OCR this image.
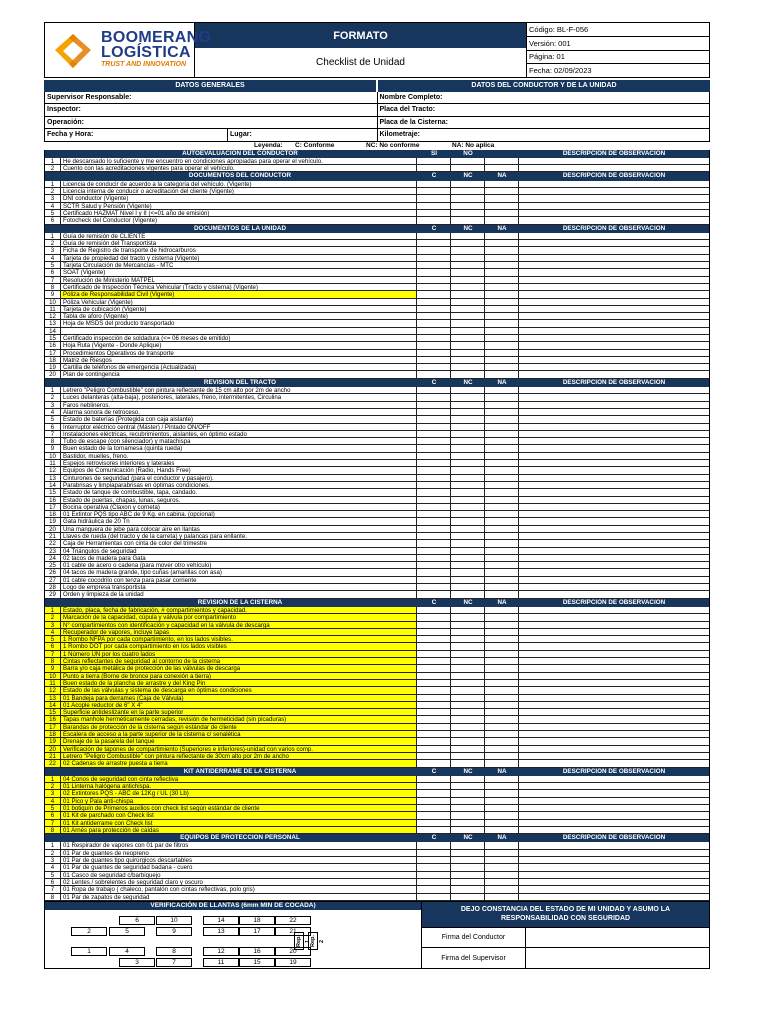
BOOMERANG
LOGÍSTICA
TRUST AND INNOVATION
FORMATO
Checklist de Unidad
Código: BL-F-056
Versión: 001
Página: 01
Fecha: 02/09/2023
DATOS GENERALES	DATOS DEL CONDUCTOR Y DE LA UNIDAD
Supervisor Responsable:
Inspector:
Operación:
Fecha y Hora:	Lugar:
Nombre Completo:
Placa del Tracto:
Placa de la Cisterna:
Kilometraje:
Leyenda: C: Conforme	NC: No conforme	NA: No aplica
AUTOEVALUACIÓN DEL CONDUCTOR	SI	NO	DESCRIPCIÓN DE OBSERVACIÓN
1	He descansado lo suficiente y me encuentro en condiciones apropiadas para operar el vehículo.
2	Cuento con las acreditaciones vigentes para operar el vehículo.
DOCUMENTOS DEL CONDUCTOR	C	NC	NA	DESCRIPCIÓN DE OBSERVACIÓN
1	Licencia de conducir de acuerdo a la categoría del vehículo. (Vigente)
2	Licencia interna de conducir o acreditación del cliente (Vigente)
3	DNI conductor (Vigente)
4	SCTR Salud y Pensión (Vigente)
5	Certificado HAZMAT Nivel I y II (<=01 año de emisión)
6	Fotocheck del Conductor (Vigente)
DOCUMENTOS DE LA UNIDAD	C	NC	NA	DESCRIPCIÓN DE OBSERVACIÓN
1	Guía de remisión de CLIENTE
2	Guía de remisión del Transportista
3	Ficha de Registro de transporte de hidrocarburos
4	Tarjeta de propiedad del tracto y cisterna (Vigente)
5	Tarjeta Circulación de Mercancías - MTC
6	SOAT (Vigente)
7	Resolución de Ministerio MATPEL
8	Certificado de Inspección Técnica Vehicular (Tracto y cisterna) (Vigente)
9	Póliza de Responsabilidad Civil (Vigente)
10	Póliza Vehicular (Vigente)
11	Tarjeta de cubicación (Vigente)
12	Tabla de aforo (Vigente)
13	Hoja de MSDS del producto transportado
14
15	Certificado inspección de soldadura (<= 06 meses de emitido)
16	Hoja Ruta (Vigente - Donde Aplique)
17	Procedimientos Operativos de transporte
18	Matriz de Riesgos
19	Cartilla de teléfonos de emergencia (Actualizada)
20	Plan de contingencia
REVISIÓN DEL TRACTO	C	NC	NA	DESCRIPCIÓN DE OBSERVACIÓN
1	Letrero "Peligro Combustible" con pintura reflectante de 15 cm alto por 2m de ancho
2	Luces delanteras (alta-baja), posteriores, laterales, freno, intermitentes, Circulina
3	Faros neblineros.
4	Alarma sonora de retroceso.
5	Estado de baterías (Protegida con caja aislante)
6	Interruptor eléctrico central (Máster) / Pintado ON/OFF
7	Instalaciones eléctricas, recubrimientos, aislantes, en óptimo estado
8	Tubo de escape (con silenciador) y matachispa
9	Buen estado de la tornamesa (quinta rueda)
10	Bastidor, muelles, freno.
11	Espejos retrovisores interiores y laterales
12	Equipos de Comunicación (Radio, Hands Free)
13	Cinturones de seguridad (para el conductor y pasajero).
14	Parabrisas y limpiaparabrisas en óptimas condiciones.
15	Estado de tanque de combustible, tapa, candado.
16	Estado de puertas, chapas, lunas, seguros.
17	Bocina operativa (Claxon y corneta)
18	01 Extintor PQS tipo ABC de 9 Kg. en cabina. (opcional)
19	Gata hidráulica de 20 Tn
20	Una manguera de jebe para colocar aire en llantas
21	Llaves de rueda (del tracto y de la carreta) y palancas para enllante.
22	Caja de Herramientas con cinta de color del trimestre
23	04 Triángulos de seguridad
24	02 tacos de madera para Gata
25	01 cable de acero o cadena (para mover otro vehículo)
26	04 tacos de madera grande, tipo cuñas (amarillas con asa)
27	01 cable cocodrilo con tenza para pasar corriente
28	Logo de empresa transportista
29	Orden y limpieza de la unidad
REVISIÓN DE LA CISTERNA	C	NC	NA	DESCRIPCIÓN DE OBSERVACIÓN
1	Estado, placa, fecha de fabricación, # compartimientos y capacidad.
2	Marcación de la capacidad, cúpula y válvula por compartimiento
3	N° compartimientos con identificación y capacidad en la válvula de descarga
4	Recuperador de vapores, incluye tapas
5	1 Rombo NFPA por cada compartimiento, en los lados visibles.
6	1 Rombo DOT por cada compartimiento en los lados visibles
7	1 Número UN por los cuatro lados
8	Cintas reflectantes de seguridad al contorno de la cisterna
9	Barra y/o caja metálica de protección de las válvulas de descarga
10	Punto a tierra (Borne de bronce para conexión a tierra)
11	Buen estado de la plancha de arrastre y del King Pin
12	Estado de las válvulas y sistema de descarga en óptimas condiciones
13	01 Bandeja para derrames (Caja de Válvula)
14	01 Acople reductor de 6" X 4"
15	Superficie antideslizante en la parte superior
16	Tapas manhole herméticamente cerradas, revisión de hermeticidad (sin picaduras)
17	Barandas de protección de la cisterna según estándar de cliente
18	Escalera de acceso a la parte superior de la cisterna c/ senalética
19	Drenaje de la pasarela del tanque
20	Verificación de tapones de compartimiento (Superiores e inferiores)-unidad con varios comp.
21	Letrero "Peligro Combustible" con pintura reflectante de 30cm alto por 2m de ancho
22	02 Cadenas de arrastre puesta a tierra
KIT ANTIDERRAME DE LA CISTERNA	C	NC	NA	DESCRIPCIÓN DE OBSERVACIÓN
1	04 Conos de seguridad con cinta reflectiva
2	01 Linterna halógena antichispa.
3	02 Extintores PQS - ABC de 12Kg / UL (30 Lb)
4	01 Pico y Pala anti-chispa
5	01 botiquín de Primeros auxilios con check list según estándar de cliente
6	01 Kit de parchado con Check list
7	01 Kit antiderrame con Check list
8	01 Arnés para protección de caídas
EQUIPOS DE PROTECCIÓN PERSONAL	C	NC	NA	DESCRIPCIÓN DE OBSERVACIÓN
1	01 Respirador de vapores con 01 par de filtros
2	01 Par de guantes de neopreno
3	01 Par de guantes tipo quirúrgicos descartables
4	01 Par de guantes de seguridad badana - cuero
5	01 Casco de seguridad c/barbiquejo
6	02 Lentes / sobrelentes de seguridad claro y oscuro
7	01 Ropa de trabajo ( chaleco, pantalón con cintas reflectivas, polo gris)
8	01 Par de zapatos de seguridad
VERIFICACIÓN DE LLANTAS (6mm MIN DE COCADA)
6	10	14	18	22
2	5	9	13	17	21
1	4	8	12	16	20
3	7	11	15	19
Rep. 1 Rep. 2
DEJO CONSTANCIA DEL ESTADO DE MI UNIDAD Y ASUMO LA RESPONSABILIDAD CON SEGURIDAD
Firma del Conductor
Firma del Supervisor
